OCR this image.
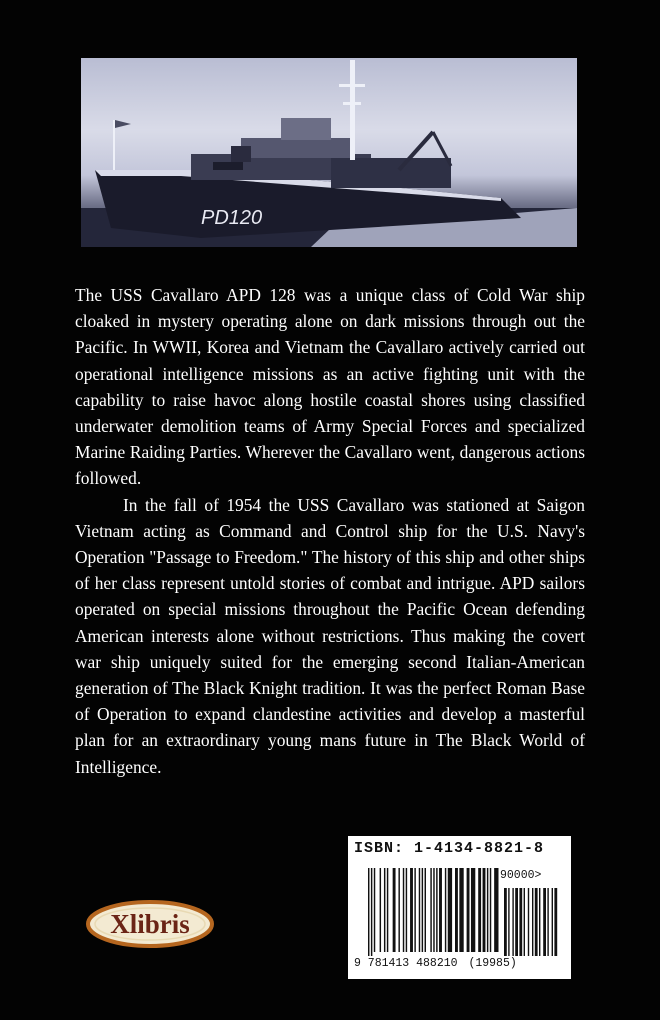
PD120

The USS Cavallaro APD 128 was a unique class of Cold War ship cloaked in mystery operating alone on dark missions through out the Pacific. In WWII, Korea and Vietnam the Cavallaro actively carried out operational intelligence missions as an active fighting unit with the capability to raise havoc along hostile coastal shores using classified underwater demolition teams of Army Special Forces and specialized Marine Raiding Parties. Wherever the Cavallaro went, dangerous actions followed.

In the fall of 1954 the USS Cavallaro was stationed at Saigon Vietnam acting as Command and Control ship for the U.S. Navy's Operation "Passage to Freedom." The history of this ship and other ships of her class represent untold stories of combat and intrigue. APD sailors operated on special missions throughout the Pacific Ocean defending American interests alone without restrictions. Thus making the covert war ship uniquely suited for the emerging second Italian-American generation of The Black Knight tradition. It was the perfect Roman Base of Operation to expand clandestine activities and develop a masterful plan for an extraordinary young mans future in The Black World of Intelligence.

ISBN: 1-4134-8821-8
90000>
9 781413 488210 (19985)
Xlibris
